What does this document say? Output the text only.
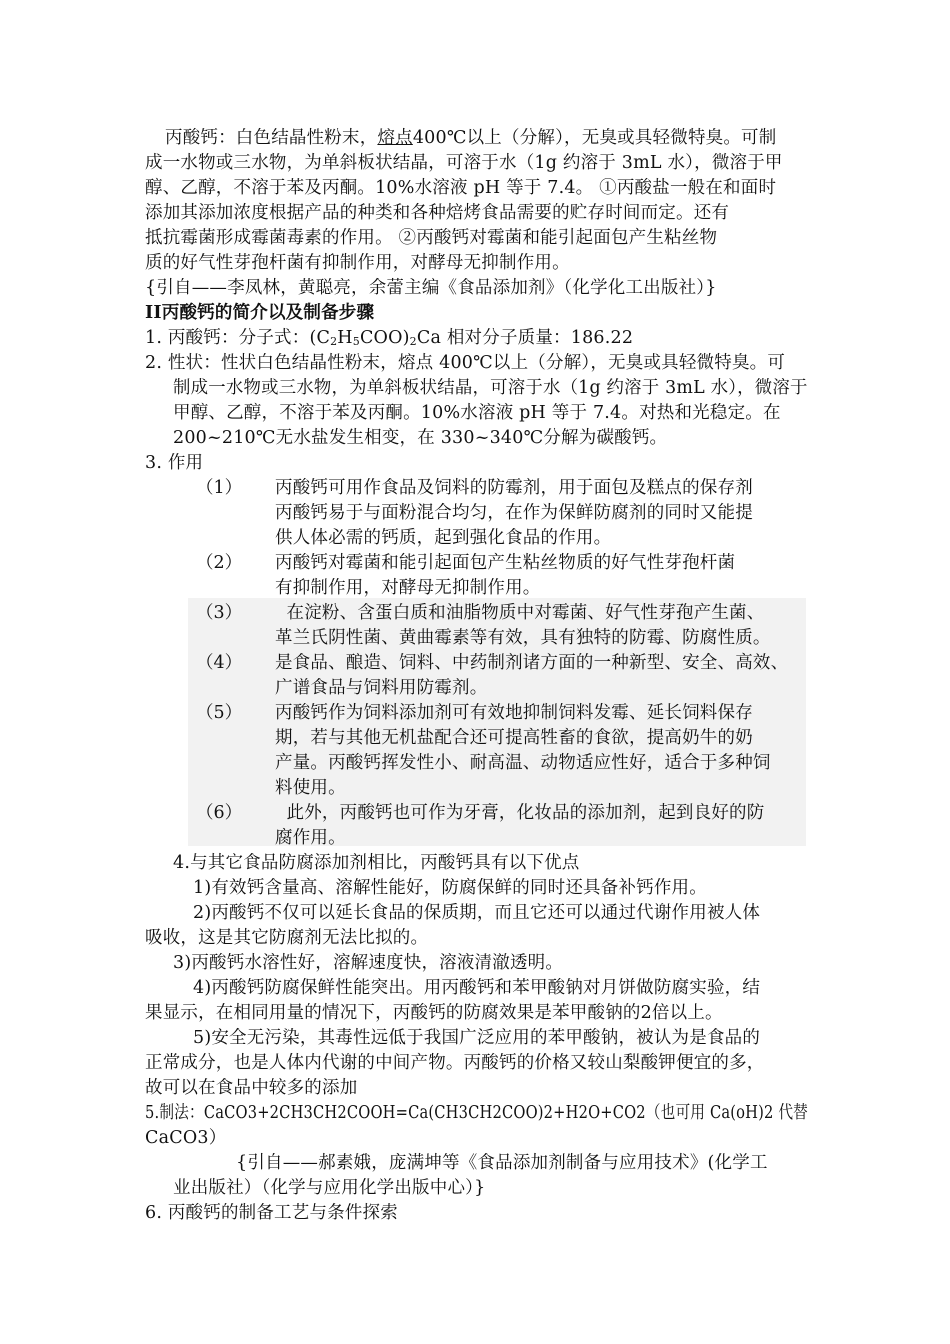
丙酸钙：白色结晶性粉末，熔点400℃以上（分解），无臭或具轻微特臭。可制
成一水物或三水物，为单斜板状结晶，可溶于水（1g 约溶于 3mL 水），微溶于甲
醇、乙醇，不溶于苯及丙酮。10%水溶液 pH 等于 7.4。 ①丙酸盐一般在和面时
添加其添加浓度根据产品的种类和各种焙烤食品需要的贮存时间而定。还有
抵抗霉菌形成霉菌毒素的作用。 ②丙酸钙对霉菌和能引起面包产生粘丝物
质的好气性芽孢杆菌有抑制作用，对酵母无抑制作用。
{引自——李凤林，黄聪亮，余蕾主编《食品添加剂》（化学化工出版社）}
II丙酸钙的简介以及制备步骤
1. 丙酸钙：分子式：$(C_2H_5COO)_2Ca$ 相对分子质量：186.22
2. 性状：性状白色结晶性粉末，熔点 400℃以上（分解），无臭或具轻微特臭。可
制成一水物或三水物，为单斜板状结晶，可溶于水（1g 约溶于 3mL 水），微溶于
甲醇、乙醇，不溶于苯及丙酮。10%水溶液 pH 等于 7.4。对热和光稳定。在
200~210℃无水盐发生相变，在 330~340℃分解为碳酸钙。
3. 作用
（1） 丙酸钙可用作食品及饲料的防霉剂，用于面包及糕点的保存剂
丙酸钙易于与面粉混合均匀，在作为保鲜防腐剂的同时又能提
供人体必需的钙质，起到强化食品的作用。
（2） 丙酸钙对霉菌和能引起面包产生粘丝物质的好气性芽孢杆菌
有抑制作用，对酵母无抑制作用。
（3） 在淀粉、含蛋白质和油脂物质中对霉菌、好气性芽孢产生菌、
革兰氏阴性菌、黄曲霉素等有效，具有独特的防霉、防腐性质。
（4） 是食品、酿造、饲料、中药制剂诸方面的一种新型、安全、高效、
广谱食品与饲料用防霉剂。
（5） 丙酸钙作为饲料添加剂可有效地抑制饲料发霉、延长饲料保存
期，若与其他无机盐配合还可提高牲畜的食欲，提高奶牛的奶
产量。丙酸钙挥发性小、耐高温、动物适应性好，适合于多种饲
料使用。
（6） 此外，丙酸钙也可作为牙膏，化妆品的添加剂，起到良好的防
腐作用。
4.与其它食品防腐添加剂相比，丙酸钙具有以下优点
1)有效钙含量高、溶解性能好，防腐保鲜的同时还具备补钙作用。
2)丙酸钙不仅可以延长食品的保质期，而且它还可以通过代谢作用被人体
吸收，这是其它防腐剂无法比拟的。
3)丙酸钙水溶性好，溶解速度快，溶液清澈透明。
4)丙酸钙防腐保鲜性能突出。用丙酸钙和苯甲酸钠对月饼做防腐实验，结
果显示，在相同用量的情况下，丙酸钙的防腐效果是苯甲酸钠的2倍以上。
5)安全无污染，其毒性远低于我国广泛应用的苯甲酸钠，被认为是食品的
正常成分，也是人体内代谢的中间产物。丙酸钙的价格又较山梨酸钾便宜的多，
故可以在食品中较多的添加
5.制法：CaCO3+2CH3CH2COOH=Ca(CH3CH2COO)2+H2O+CO2（也可用 Ca(oH)2 代替
CaCO3）
{引自——郝素娥，庞满坤等《食品添加剂制备与应用技术》(化学工
业出版社）（化学与应用化学出版中心）}
6. 丙酸钙的制备工艺与条件探索
